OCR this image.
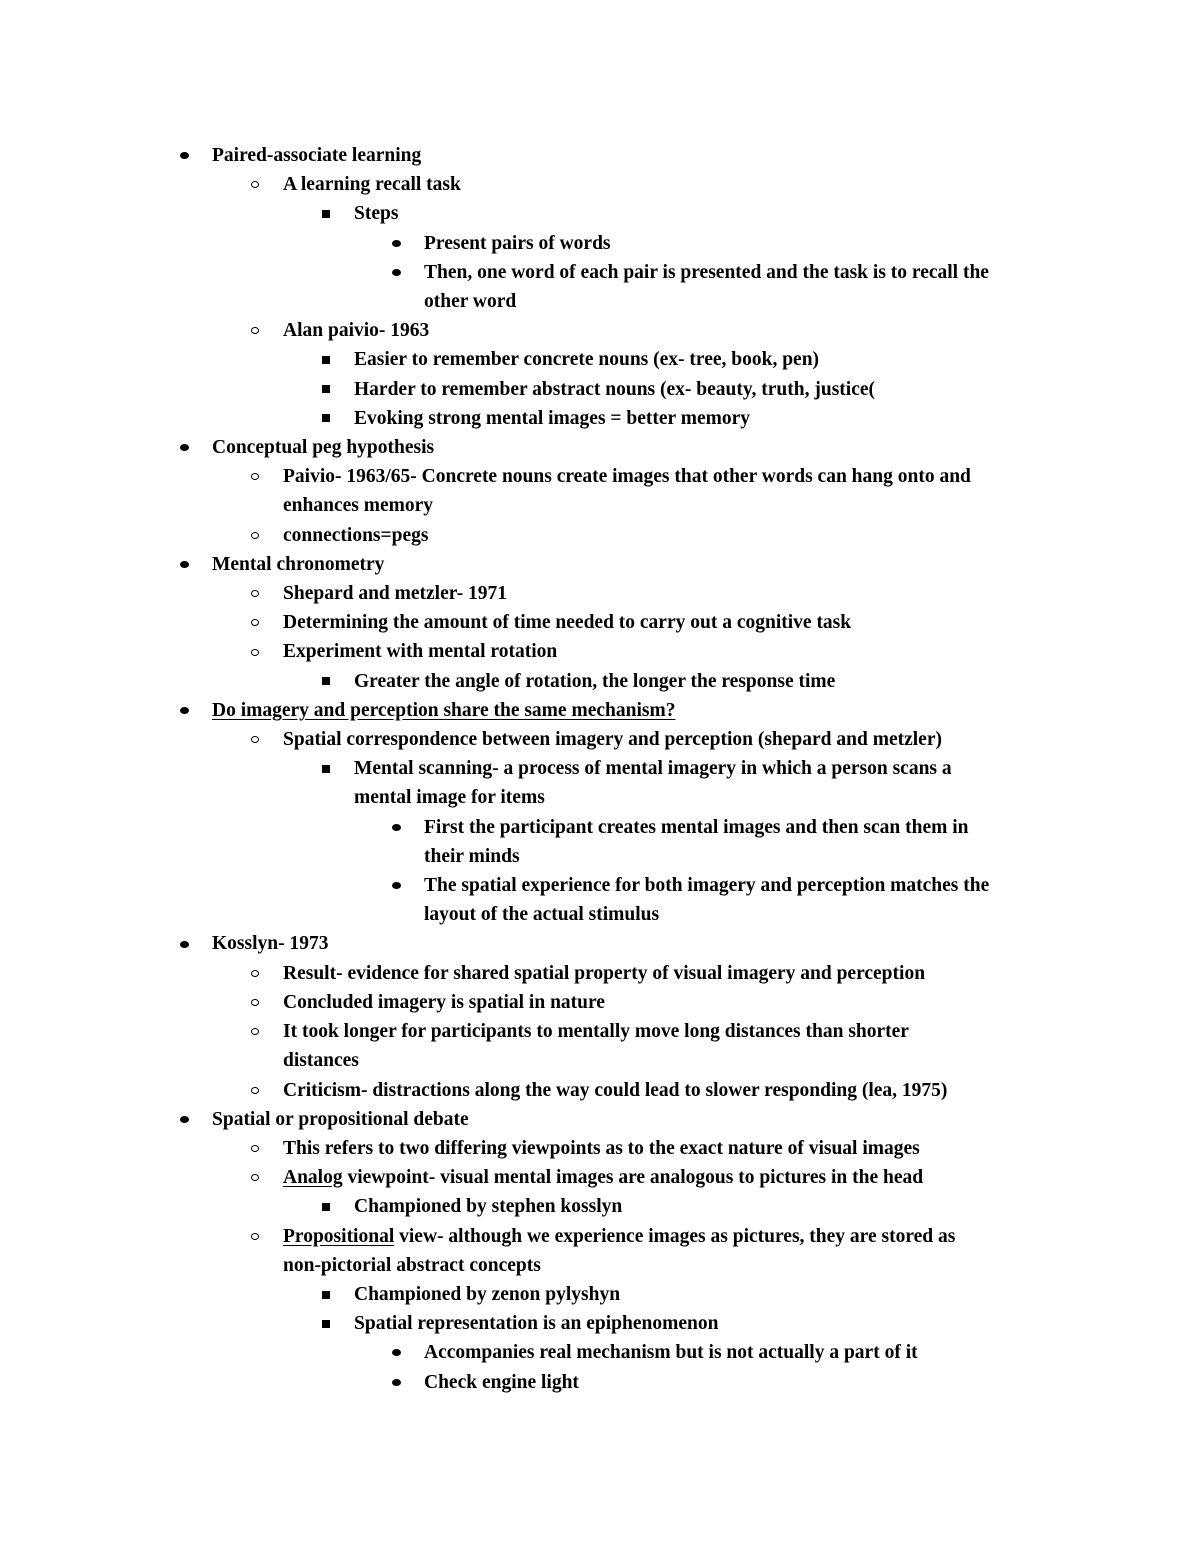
Paired-associate learning
A learning recall task
Steps
Present pairs of words
Then, one word of each pair is presented and the task is to recall the
other word
Alan paivio- 1963
Easier to remember concrete nouns (ex- tree, book, pen)
Harder to remember abstract nouns (ex- beauty, truth, justice(
Evoking strong mental images = better memory
Conceptual peg hypothesis
Paivio- 1963/65- Concrete nouns create images that other words can hang onto and
enhances memory
connections=pegs
Mental chronometry
Shepard and metzler- 1971
Determining the amount of time needed to carry out a cognitive task
Experiment with mental rotation
Greater the angle of rotation, the longer the response time
Do imagery and perception share the same mechanism?
Spatial correspondence between imagery and perception (shepard and metzler)
Mental scanning- a process of mental imagery in which a person scans a
mental image for items
First the participant creates mental images and then scan them in
their minds
The spatial experience for both imagery and perception matches the
layout of the actual stimulus
Kosslyn- 1973
Result- evidence for shared spatial property of visual imagery and perception
Concluded imagery is spatial in nature
It took longer for participants to mentally move long distances than shorter
distances
Criticism- distractions along the way could lead to slower responding (lea, 1975)
Spatial or propositional debate
This refers to two differing viewpoints as to the exact nature of visual images
Analog viewpoint- visual mental images are analogous to pictures in the head
Championed by stephen kosslyn
Propositional view- although we experience images as pictures, they are stored as
non-pictorial abstract concepts
Championed by zenon pylyshyn
Spatial representation is an epiphenomenon
Accompanies real mechanism but is not actually a part of it
Check engine light
